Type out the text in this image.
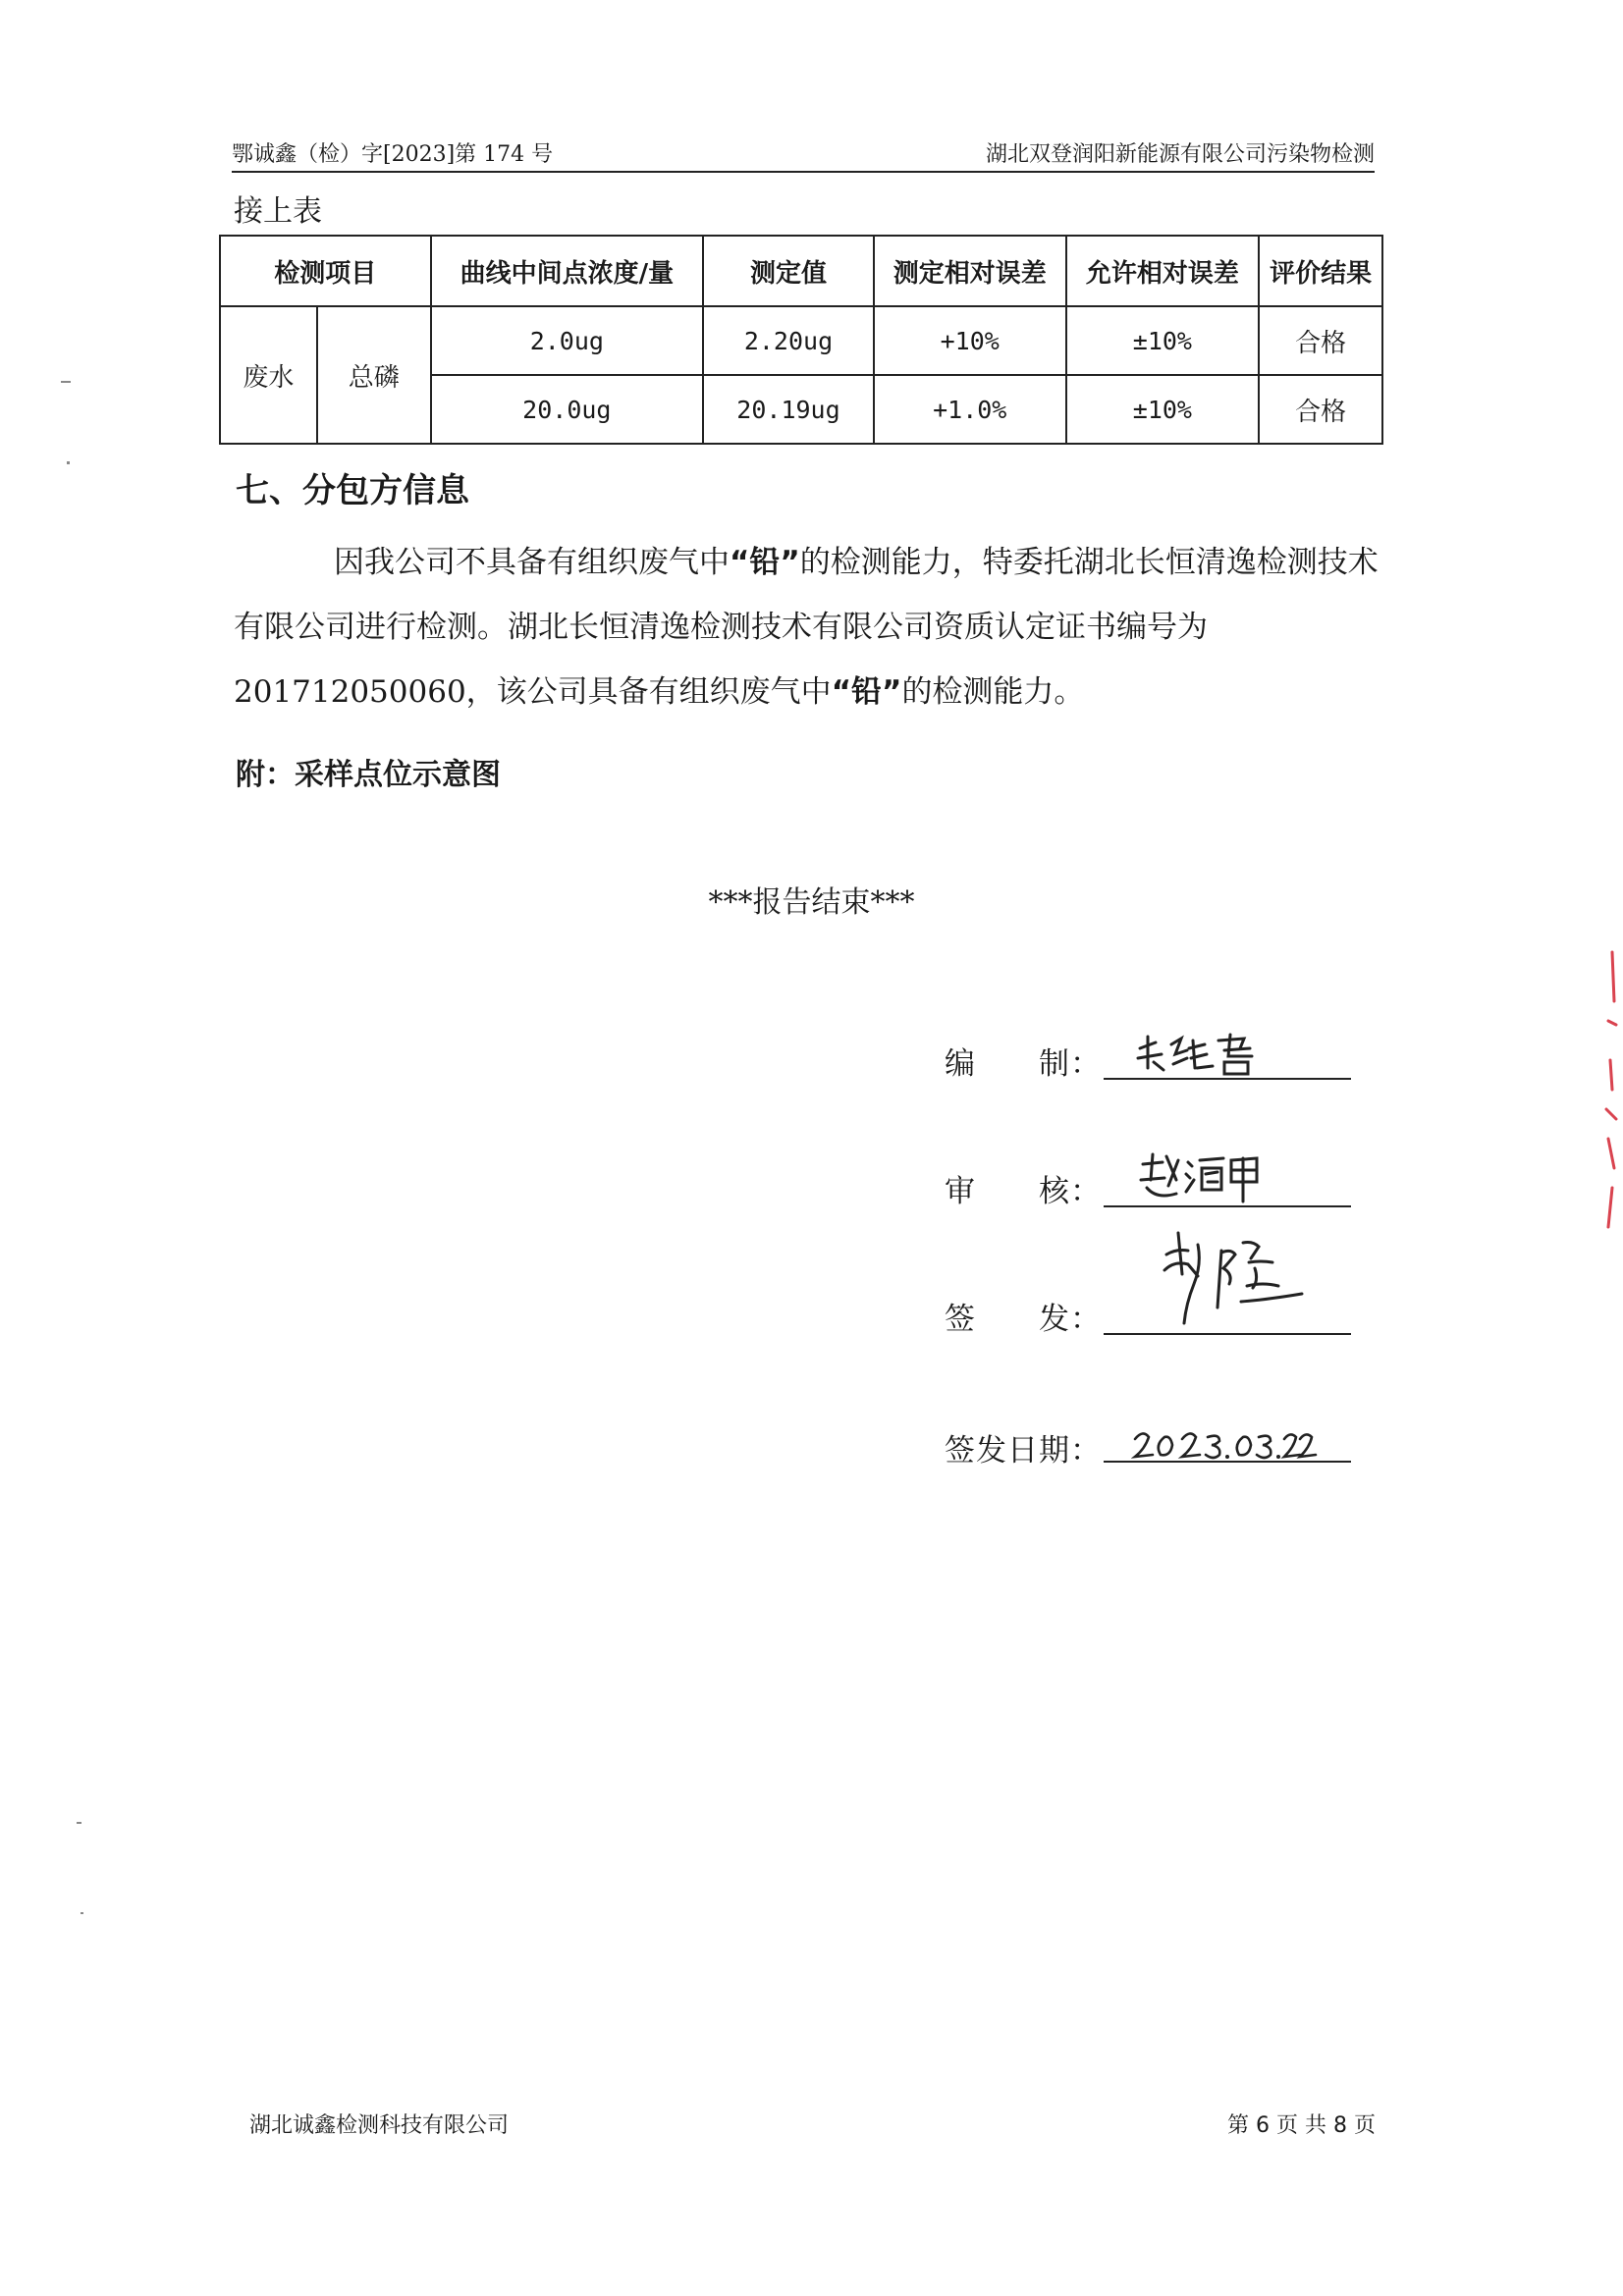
鄂诚鑫（检）字[2023]第 174 号	湖北双登润阳新能源有限公司污染物检测
接上表
检测项目		曲线中间点浓度/量	测定值	测定相对误差	允许相对误差	评价结果
废水	总磷	2.0ug	2.20ug	+10%	±10%	合格
		20.0ug	20.19ug	+1.0%	±10%	合格
七、分包方信息
因我公司不具备有组织废气中“铅”的检测能力，特委托湖北长恒清逸检测技术有限公司进行检测。湖北长恒清逸检测技术有限公司资质认定证书编号为201712050060，该公司具备有组织废气中“铅”的检测能力。
附：采样点位示意图
***报告结束***
编　　制：
审　　核：
签　　发：
签发日期：
湖北诚鑫检测科技有限公司	第 6 页 共 8 页
